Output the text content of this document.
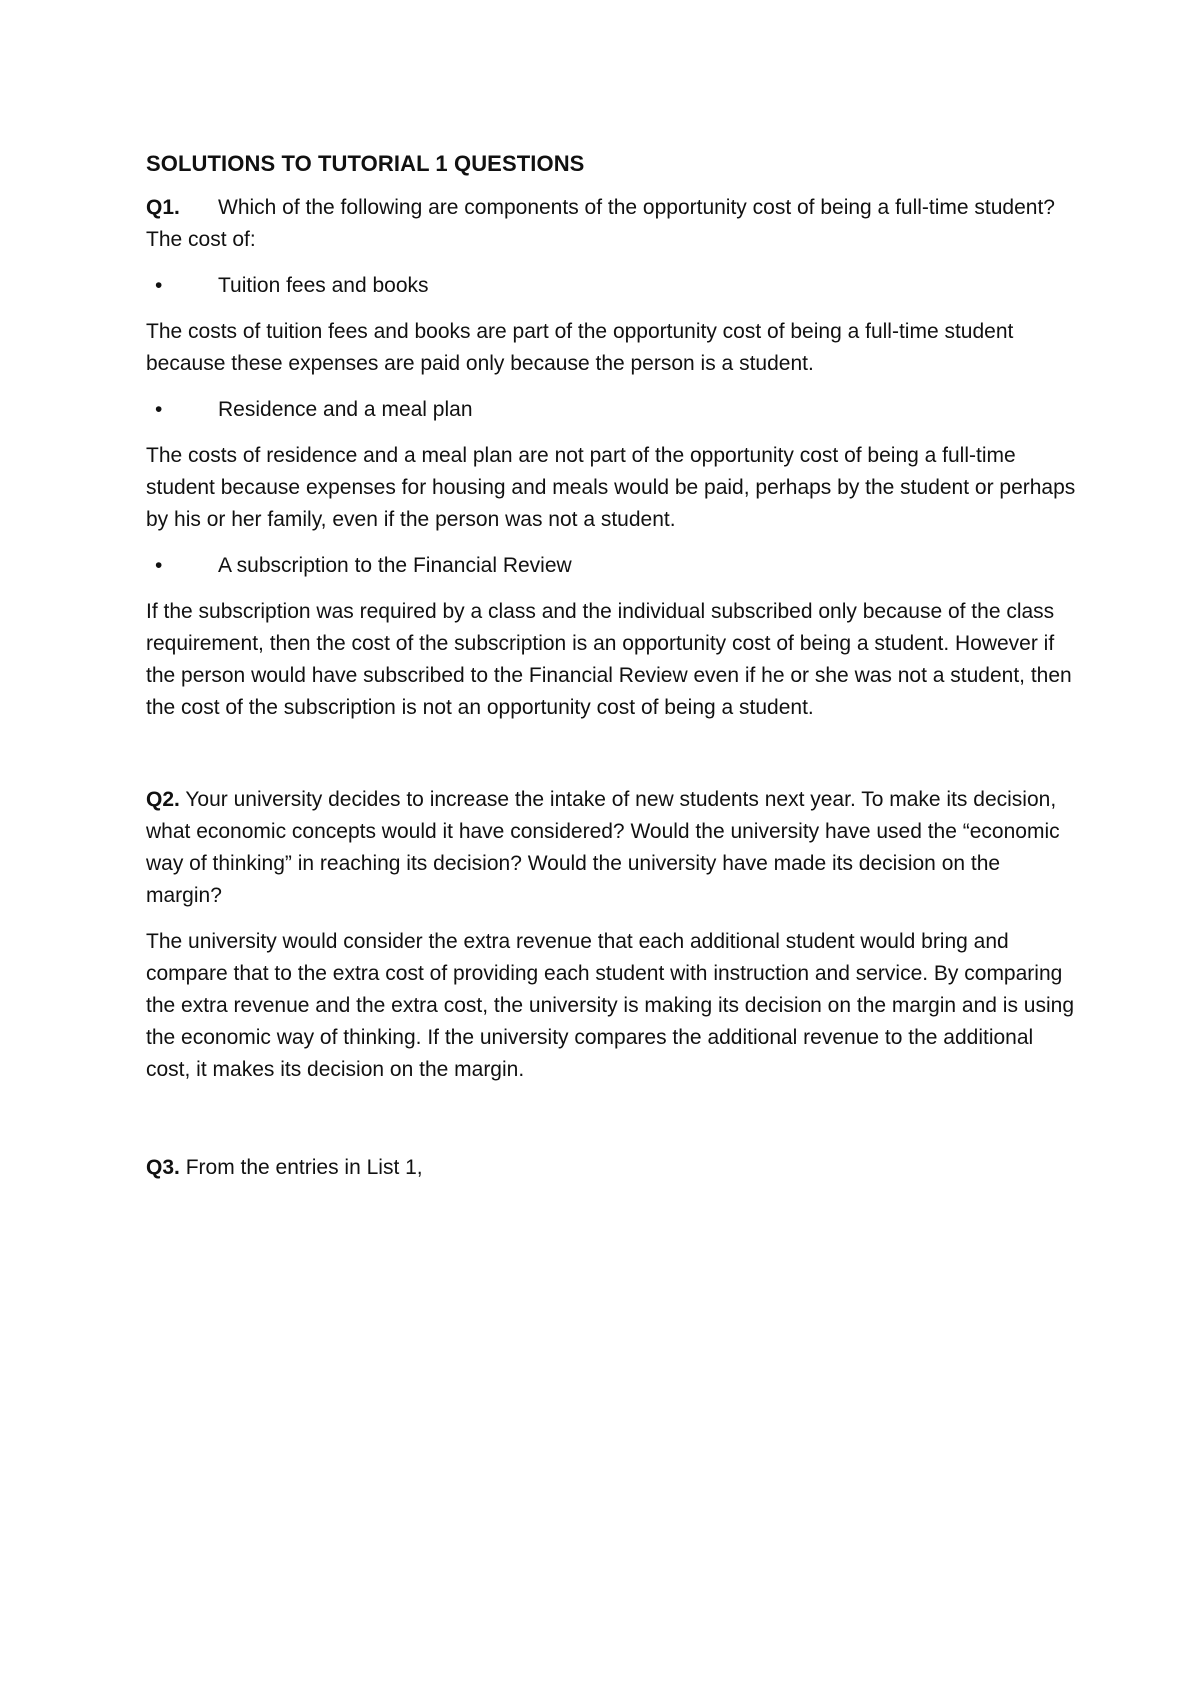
SOLUTIONS TO TUTORIAL 1 QUESTIONS
Q1. Which of the following are components of the opportunity cost of being a full-time student? The cost of:
•	Tuition fees and books
The costs of tuition fees and books are part of the opportunity cost of being a full-time student because these expenses are paid only because the person is a student.
•	Residence and a meal plan
The costs of residence and a meal plan are not part of the opportunity cost of being a full-time student because expenses for housing and meals would be paid, perhaps by the student or perhaps by his or her family, even if the person was not a student.
•	A subscription to the Financial Review
If the subscription was required by a class and the individual subscribed only because of the class requirement, then the cost of the subscription is an opportunity cost of being a student. However if the person would have subscribed to the Financial Review even if he or she was not a student, then the cost of the subscription is not an opportunity cost of being a student.
Q2. Your university decides to increase the intake of new students next year. To make its decision, what economic concepts would it have considered? Would the university have used the “economic way of thinking” in reaching its decision? Would the university have made its decision on the margin?
The university would consider the extra revenue that each additional student would bring and compare that to the extra cost of providing each student with instruction and service. By comparing the extra revenue and the extra cost, the university is making its decision on the margin and is using the economic way of thinking. If the university compares the additional revenue to the additional cost, it makes its decision on the margin.
Q3. From the entries in List 1,
